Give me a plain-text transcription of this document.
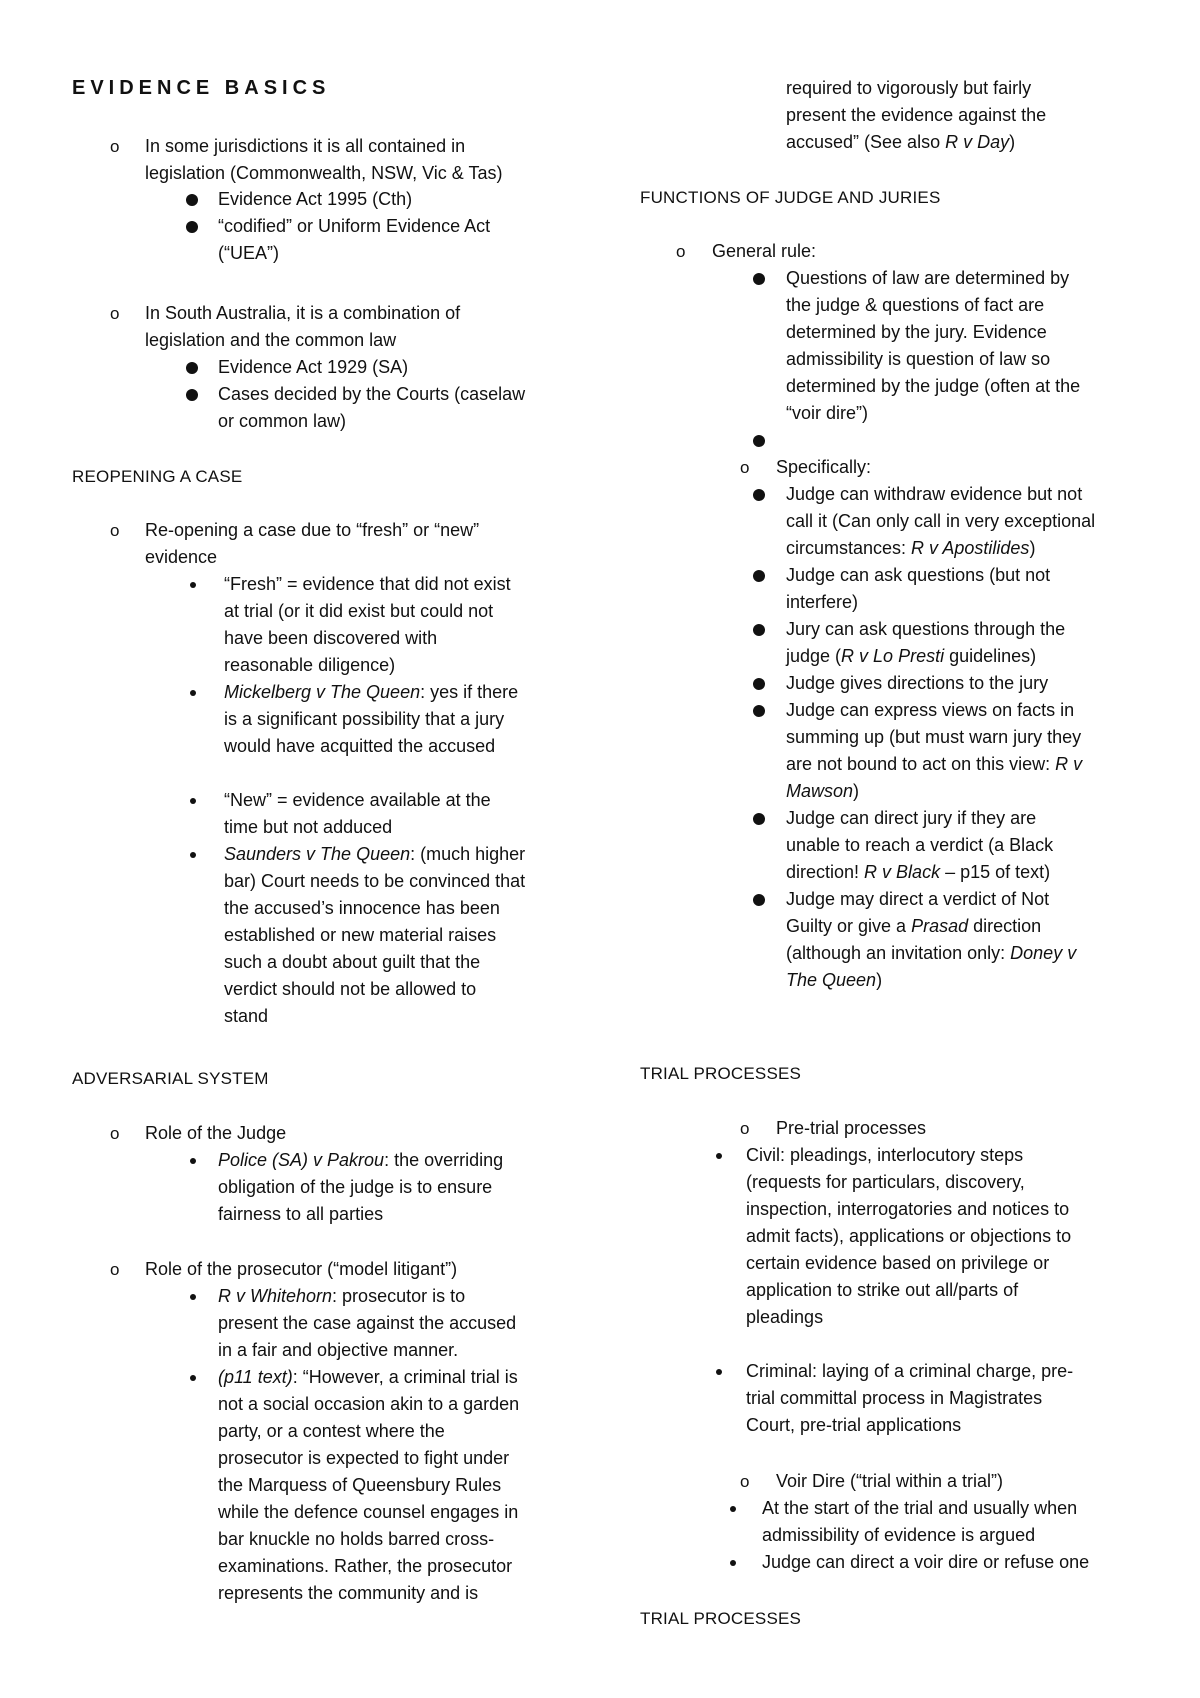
EVIDENCE BASICS

o In some jurisdictions it is all contained in

legislation (Commonwealth, NSW, Vic & Tas)

Evidence Act 1995 (Cth)

“codified” or Uniform Evidence Act

(“UEA”)

o In South Australia, it is a combination of

legislation and the common law

Evidence Act 1929 (SA)

Cases decided by the Courts (caselaw

or common law)

REOPENING A CASE

o Re-opening a case due to “fresh” or “new”

evidence

“Fresh” = evidence that did not exist

at trial (or it did exist but could not

have been discovered with

reasonable diligence)

Mickelberg v The Queen: yes if there

is a significant possibility that a jury

would have acquitted the accused

“New” = evidence available at the

time but not adduced

Saunders v The Queen: (much higher

bar) Court needs to be convinced that

the accused’s innocence has been

established or new material raises

such a doubt about guilt that the

verdict should not be allowed to

stand

ADVERSARIAL SYSTEM

o Role of the Judge

Police (SA) v Pakrou: the overriding

obligation of the judge is to ensure

fairness to all parties

o Role of the prosecutor (“model litigant”)

R v Whitehorn: prosecutor is to

present the case against the accused

in a fair and objective manner.

(p11 text): “However, a criminal trial is

not a social occasion akin to a garden

party, or a contest where the

prosecutor is expected to fight under

the Marquess of Queensbury Rules

while the defence counsel engages in

bar knuckle no holds barred cross-

examinations. Rather, the prosecutor

represents the community and is

required to vigorously but fairly

present the evidence against the

accused” (See also R v Day)

FUNCTIONS OF JUDGE AND JURIES

o General rule:

Questions of law are determined by

the judge & questions of fact are

determined by the jury. Evidence

admissibility is question of law so

determined by the judge (often at the

“voir dire”)

o Specifically:

Judge can withdraw evidence but not

call it (Can only call in very exceptional

circumstances: R v Apostilides)

Judge can ask questions (but not

interfere)

Jury can ask questions through the

judge (R v Lo Presti guidelines)

Judge gives directions to the jury

Judge can express views on facts in

summing up (but must warn jury they

are not bound to act on this view: R v

Mawson)

Judge can direct jury if they are

unable to reach a verdict (a Black

direction! R v Black – p15 of text)

Judge may direct a verdict of Not

Guilty or give a Prasad direction

(although an invitation only: Doney v

The Queen)

TRIAL PROCESSES

o Pre-trial processes

Civil: pleadings, interlocutory steps

(requests for particulars, discovery,

inspection, interrogatories and notices to

admit facts), applications or objections to

certain evidence based on privilege or

application to strike out all/parts of

pleadings

Criminal: laying of a criminal charge, pre-

trial committal process in Magistrates

Court, pre-trial applications

o Voir Dire (“trial within a trial”)

At the start of the trial and usually when

admissibility of evidence is argued

Judge can direct a voir dire or refuse one

TRIAL PROCESSES
